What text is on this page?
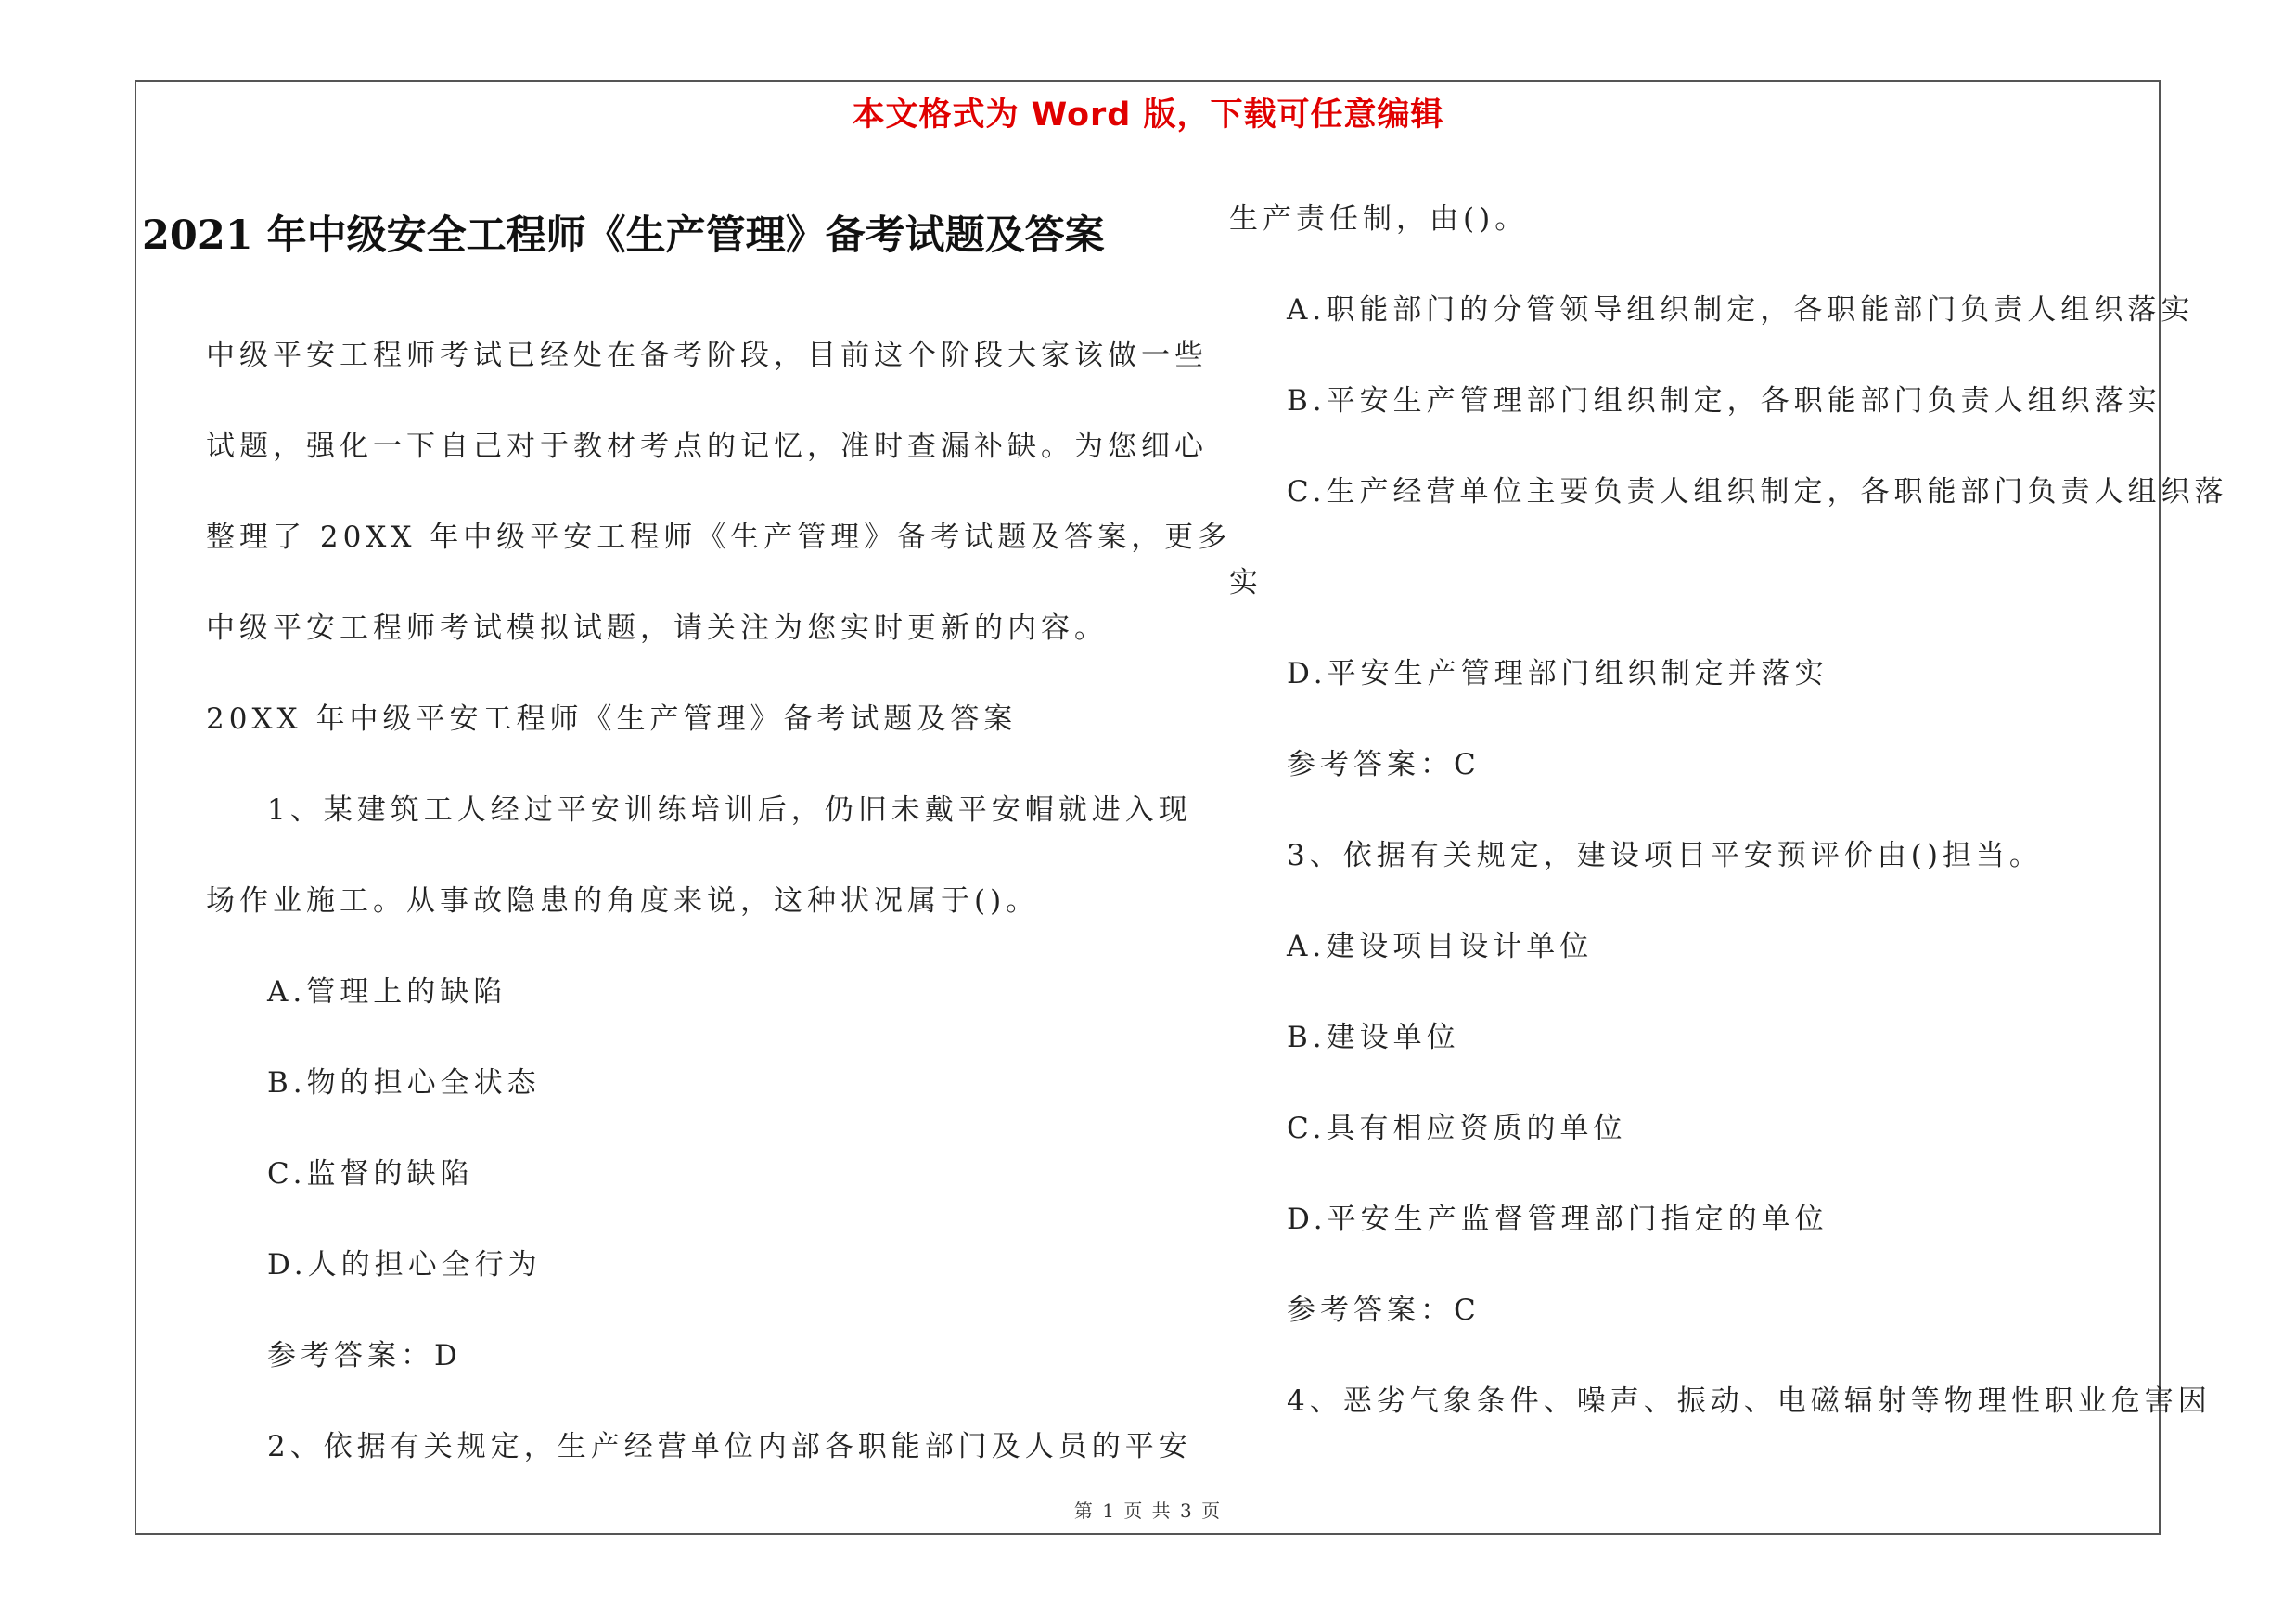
本文格式为 Word 版，下载可任意编辑
2021 年中级安全工程师《生产管理》备考试题及答案
中级平安工程师考试已经处在备考阶段，目前这个阶段大家该做一些
试题，强化一下自己对于教材考点的记忆，准时查漏补缺。为您细心
整理了 20XX 年中级平安工程师《生产管理》备考试题及答案，更多
中级平安工程师考试模拟试题，请关注为您实时更新的内容。
20XX 年中级平安工程师《生产管理》备考试题及答案
1、某建筑工人经过平安训练培训后，仍旧未戴平安帽就进入现
场作业施工。从事故隐患的角度来说，这种状况属于()。
A.管理上的缺陷
B.物的担心全状态
C.监督的缺陷
D.人的担心全行为
参考答案：D
2、依据有关规定，生产经营单位内部各职能部门及人员的平安
生产责任制，由()。
A.职能部门的分管领导组织制定，各职能部门负责人组织落实
B.平安生产管理部门组织制定，各职能部门负责人组织落实
C.生产经营单位主要负责人组织制定，各职能部门负责人组织落
实
D.平安生产管理部门组织制定并落实
参考答案：C
3、依据有关规定，建设项目平安预评价由()担当。
A.建设项目设计单位
B.建设单位
C.具有相应资质的单位
D.平安生产监督管理部门指定的单位
参考答案：C
4、恶劣气象条件、噪声、振动、电磁辐射等物理性职业危害因
第 1 页 共 3 页
